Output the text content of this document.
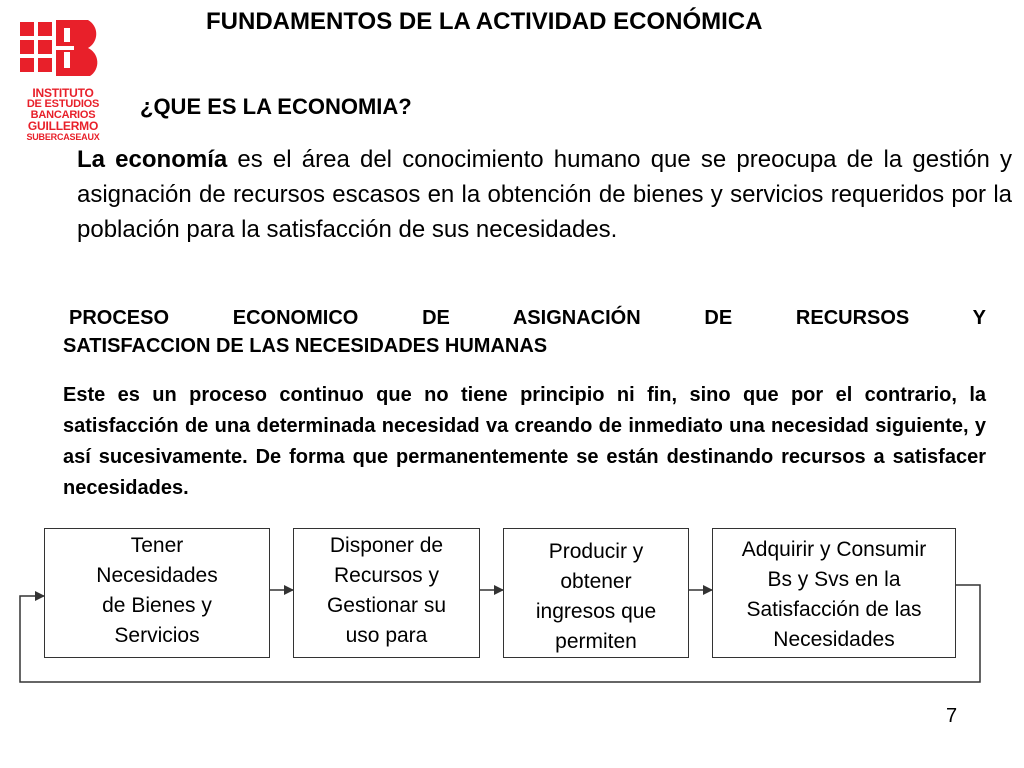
INSTITUTO
DE ESTUDIOS
BANCARIOS
GUILLERMO
SUBERCASEAUX
FUNDAMENTOS DE LA ACTIVIDAD ECONÓMICA
¿QUE ES LA ECONOMIA?
La economía es el área del conocimiento humano que se preocupa de la gestión y asignación de recursos escasos en la obtención de bienes y servicios requeridos por la población para la satisfacción de sus necesidades.
PROCESO ECONOMICO DE ASIGNACIÓN DE RECURSOS Y
SATISFACCION DE LAS NECESIDADES HUMANAS
Este es un proceso continuo que no tiene principio ni fin, sino que por el contrario, la satisfacción de una determinada necesidad va creando de inmediato una necesidad siguiente, y así sucesivamente. De forma que permanentemente se están destinando recursos a satisfacer necesidades.
Tener
Necesidades
de Bienes y
Servicios
Disponer de
Recursos y
Gestionar su
uso para
Producir y
obtener
ingresos que
permiten
Adquirir y Consumir
Bs y Svs en la
Satisfacción de las
Necesidades
7
